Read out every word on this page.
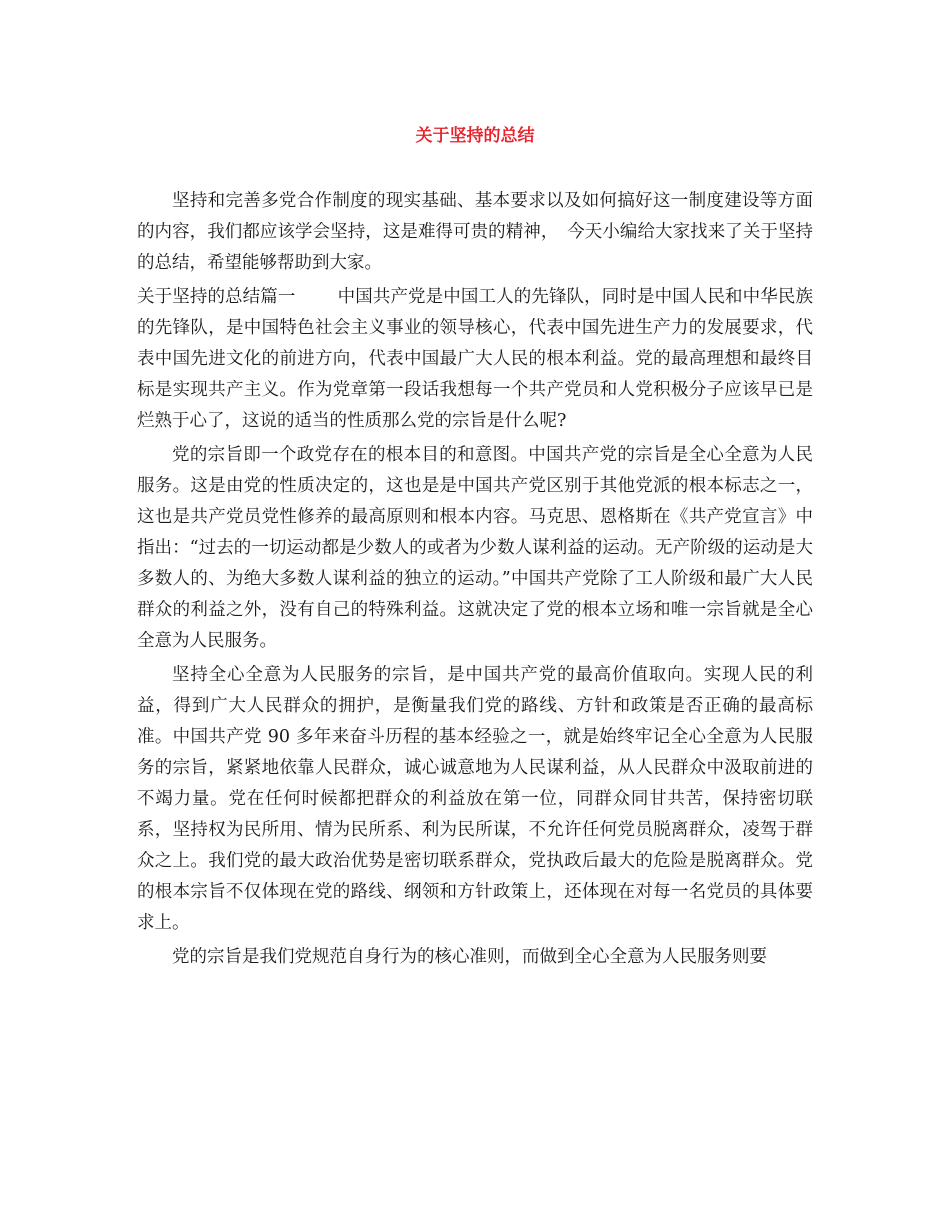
关于坚持的总结

坚持和完善多党合作制度的现实基础、基本要求以及如何搞好这一制度建设等方面的内容，我们都应该学会坚持，这是难得可贵的精神，　今天小编给大家找来了关于坚持的总结，希望能够帮助到大家。

关于坚持的总结篇一 中国共产党是中国工人的先锋队，同时是中国人民和中华民族的先锋队，是中国特色社会主义事业的领导核心，代表中国先进生产力的发展要求，代表中国先进文化的前进方向，代表中国最广大人民的根本利益。党的最高理想和最终目标是实现共产主义。作为党章第一段话我想每一个共产党员和人党积极分子应该早已是烂熟于心了，这说的适当的性质那么党的宗旨是什么呢?

党的宗旨即一个政党存在的根本目的和意图。中国共产党的宗旨是全心全意为人民服务。这是由党的性质决定的，这也是是中国共产党区别于其他党派的根本标志之一，这也是共产党员党性修养的最高原则和根本内容。马克思、恩格斯在《共产党宣言》中指出：“过去的一切运动都是少数人的或者为少数人谋利益的运动。无产阶级的运动是大多数人的、为绝大多数人谋利益的独立的运动。”中国共产党除了工人阶级和最广大人民群众的利益之外，没有自己的特殊利益。这就决定了党的根本立场和唯一宗旨就是全心全意为人民服务。

坚持全心全意为人民服务的宗旨，是中国共产党的最高价值取向。实现人民的利益，得到广大人民群众的拥护，是衡量我们党的路线、方针和政策是否正确的最高标准。中国共产党 90 多年来奋斗历程的基本经验之一，就是始终牢记全心全意为人民服务的宗旨，紧紧地依靠人民群众，诚心诚意地为人民谋利益，从人民群众中汲取前进的不竭力量。党在任何时候都把群众的利益放在第一位，同群众同甘共苦，保持密切联系，坚持权为民所用、情为民所系、利为民所谋，不允许任何党员脱离群众，凌驾于群众之上。我们党的最大政治优势是密切联系群众，党执政后最大的危险是脱离群众。党的根本宗旨不仅体现在党的路线、纲领和方针政策上，还体现在对每一名党员的具体要求上。

党的宗旨是我们党规范自身行为的核心准则，而做到全心全意为人民服务则要
